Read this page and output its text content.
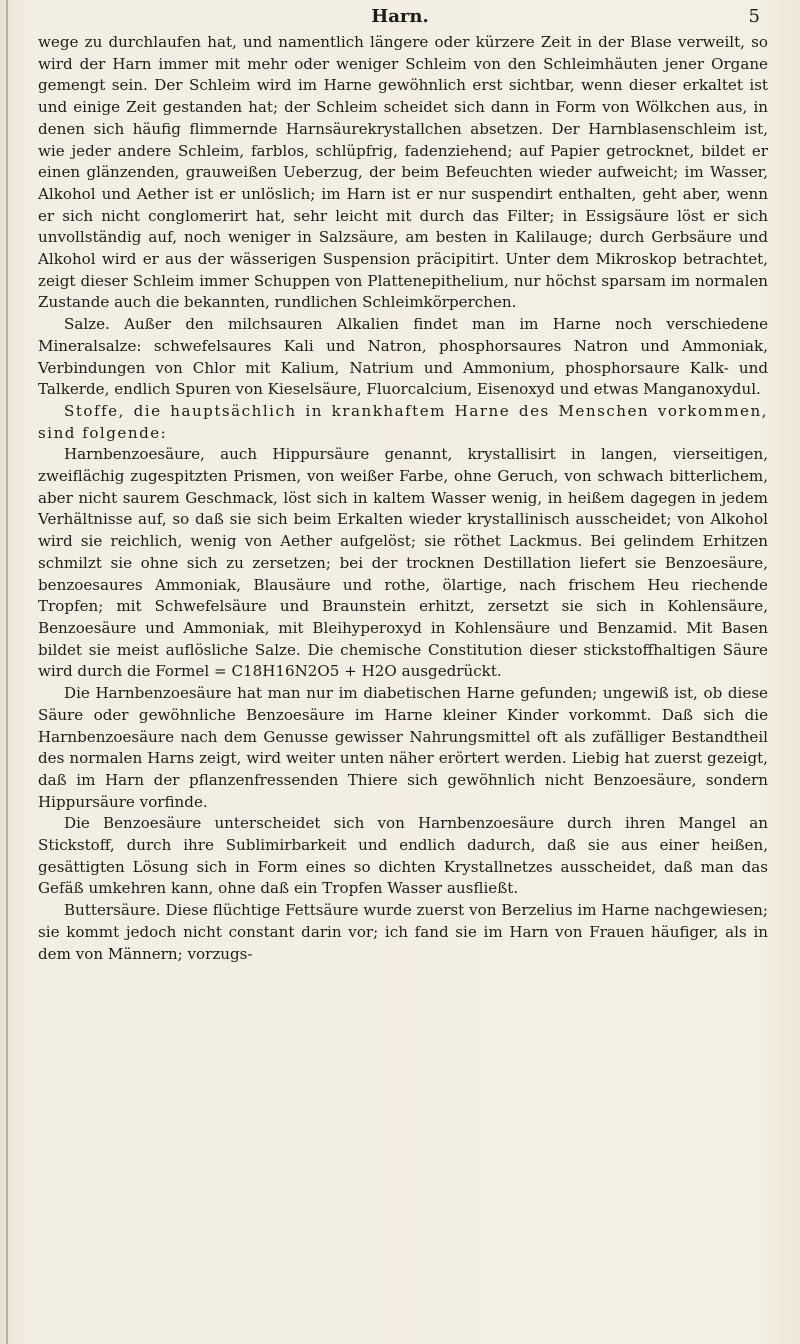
Harn.	5

wege zu durchlaufen hat, und namentlich längere oder kürzere Zeit in der Blase verweilt, so wird der Harn immer mit mehr oder weniger Schleim von den Schleimhäuten jener Organe gemengt sein. Der Schleim wird im Harne gewöhnlich erst sichtbar, wenn dieser erkaltet ist und einige Zeit gestanden hat; der Schleim scheidet sich dann in Form von Wölkchen aus, in denen sich häufig flimmernde Harnsäurekrystallchen absetzen. Der Harnblasenschleim ist, wie jeder andere Schleim, farblos, schlüpfrig, fadenziehend; auf Papier getrocknet, bildet er einen glänzenden, grauweißen Ueberzug, der beim Befeuchten wieder aufweicht; im Wasser, Alkohol und Aether ist er unlöslich; im Harn ist er nur suspendirt enthalten, geht aber, wenn er sich nicht conglomerirt hat, sehr leicht mit durch das Filter; in Essigsäure löst er sich unvollständig auf, noch weniger in Salzsäure, am besten in Kalilauge; durch Gerbsäure und Alkohol wird er aus der wässerigen Suspension präcipitirt. Unter dem Mikroskop betrachtet, zeigt dieser Schleim immer Schuppen von Plattenepithelium, nur höchst sparsam im normalen Zustande auch die bekannten, rundlichen Schleimkörperchen.

Salze. Außer den milchsauren Alkalien findet man im Harne noch verschiedene Mineralsalze: schwefelsaures Kali und Natron, phosphorsaures Natron und Ammoniak, Verbindungen von Chlor mit Kalium, Natrium und Ammonium, phosphorsaure Kalk- und Talkerde, endlich Spuren von Kieselsäure, Fluorcalcium, Eisenoxyd und etwas Manganoxydul.

Stoffe, die hauptsächlich in krankhaftem Harne des Menschen vorkommen, sind folgende:

Harnbenzoesäure, auch Hippursäure genannt, krystallisirt in langen, vierseitigen, zweiflächig zugespitzten Prismen, von weißer Farbe, ohne Geruch, von schwach bitterlichem, aber nicht saurem Geschmack, löst sich in kaltem Wasser wenig, in heißem dagegen in jedem Verhältnisse auf, so daß sie sich beim Erkalten wieder krystallinisch ausscheidet; von Alkohol wird sie reichlich, wenig von Aether aufgelöst; sie röthet Lackmus. Bei gelindem Erhitzen schmilzt sie ohne sich zu zersetzen; bei der trocknen Destillation liefert sie Benzoesäure, benzoesaures Ammoniak, Blausäure und rothe, ölartige, nach frischem Heu riechende Tropfen; mit Schwefelsäure und Braunstein erhitzt, zersetzt sie sich in Kohlensäure, Benzoesäure und Ammoniak, mit Bleihyperoxyd in Kohlensäure und Benzamid. Mit Basen bildet sie meist auflösliche Salze. Die chemische Constitution dieser stickstoffhaltigen Säure wird durch die Formel = C18H16N2O5 + H2O ausgedrückt.

Die Harnbenzoesäure hat man nur im diabetischen Harne gefunden; ungewiß ist, ob diese Säure oder gewöhnliche Benzoesäure im Harne kleiner Kinder vorkommt. Daß sich die Harnbenzoesäure nach dem Genusse gewisser Nahrungsmittel oft als zufälliger Bestandtheil des normalen Harns zeigt, wird weiter unten näher erörtert werden. Liebig hat zuerst gezeigt, daß im Harn der pflanzenfressenden Thiere sich gewöhnlich nicht Benzoesäure, sondern Hippursäure vorfinde.

Die Benzoesäure unterscheidet sich von Harnbenzoesäure durch ihren Mangel an Stickstoff, durch ihre Sublimirbarkeit und endlich dadurch, daß sie aus einer heißen, gesättigten Lösung sich in Form eines so dichten Krystallnetzes ausscheidet, daß man das Gefäß umkehren kann, ohne daß ein Tropfen Wasser ausfließt.

Buttersäure. Diese flüchtige Fettsäure wurde zuerst von Berzelius im Harne nachgewiesen; sie kommt jedoch nicht constant darin vor; ich fand sie im Harn von Frauen häufiger, als in dem von Männern; vorzugs-
